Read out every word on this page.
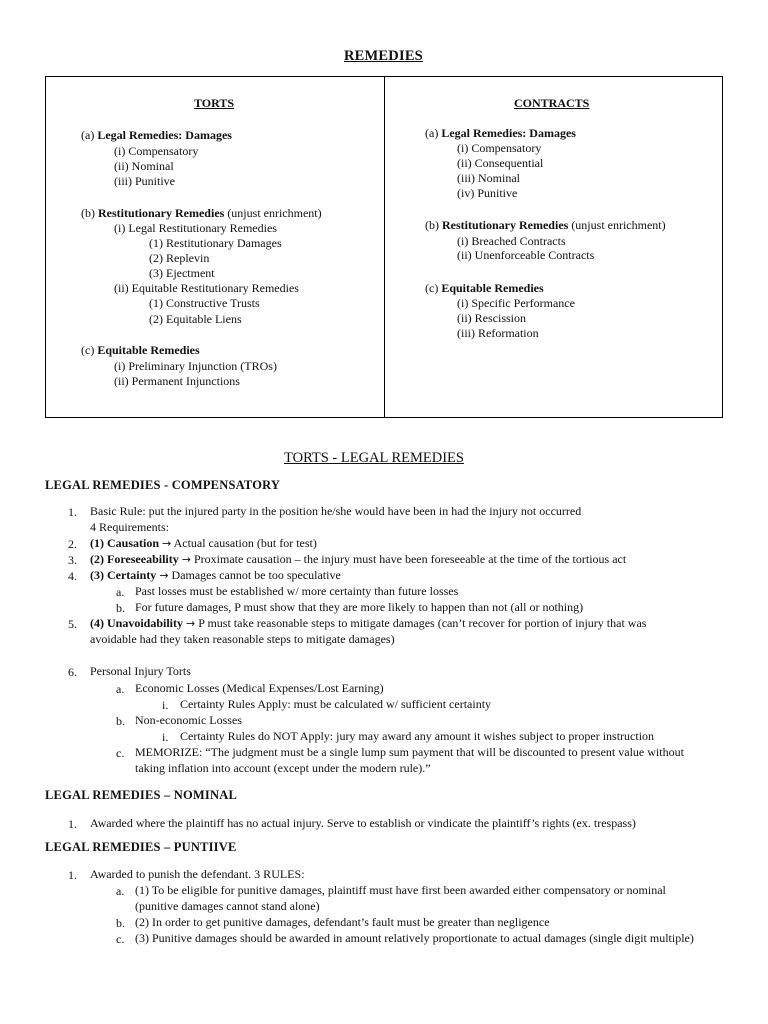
REMEDIES
TORTS
(a) Legal Remedies: Damages
(i) Compensatory
(ii) Nominal
(iii) Punitive
(b) Restitutionary Remedies (unjust enrichment)
(i) Legal Restitutionary Remedies
(1) Restitutionary Damages
(2) Replevin
(3) Ejectment
(ii) Equitable Restitutionary Remedies
(1) Constructive Trusts
(2) Equitable Liens
(c) Equitable Remedies
(i) Preliminary Injunction (TROs)
(ii) Permanent Injunctions
CONTRACTS
(a) Legal Remedies: Damages
(i) Compensatory
(ii) Consequential
(iii) Nominal
(iv) Punitive
(b) Restitutionary Remedies (unjust enrichment)
(i) Breached Contracts
(ii) Unenforceable Contracts
(c) Equitable Remedies
(i) Specific Performance
(ii) Rescission
(iii) Reformation
TORTS - LEGAL REMEDIES
LEGAL REMEDIES - COMPENSATORY
1. Basic Rule: put the injured party in the position he/she would have been in had the injury not occurred
4 Requirements:
2. (1) Causation → Actual causation (but for test)
3. (2) Foreseeability → Proximate causation – the injury must have been foreseeable at the time of the tortious act
4. (3) Certainty → Damages cannot be too speculative
a. Past losses must be established w/ more certainty than future losses
b. For future damages, P must show that they are more likely to happen than not (all or nothing)
5. (4) Unavoidability → P must take reasonable steps to mitigate damages (can’t recover for portion of injury that was
avoidable had they taken reasonable steps to mitigate damages)
6. Personal Injury Torts
a. Economic Losses (Medical Expenses/Lost Earning)
i. Certainty Rules Apply: must be calculated w/ sufficient certainty
b. Non-economic Losses
i. Certainty Rules do NOT Apply: jury may award any amount it wishes subject to proper instruction
c. MEMORIZE: “The judgment must be a single lump sum payment that will be discounted to present value without
taking inflation into account (except under the modern rule).”
LEGAL REMEDIES – NOMINAL
1. Awarded where the plaintiff has no actual injury. Serve to establish or vindicate the plaintiff’s rights (ex. trespass)
LEGAL REMEDIES – PUNTIIVE
1. Awarded to punish the defendant. 3 RULES:
a. (1) To be eligible for punitive damages, plaintiff must have first been awarded either compensatory or nominal
(punitive damages cannot stand alone)
b. (2) In order to get punitive damages, defendant’s fault must be greater than negligence
c. (3) Punitive damages should be awarded in amount relatively proportionate to actual damages (single digit multiple)
